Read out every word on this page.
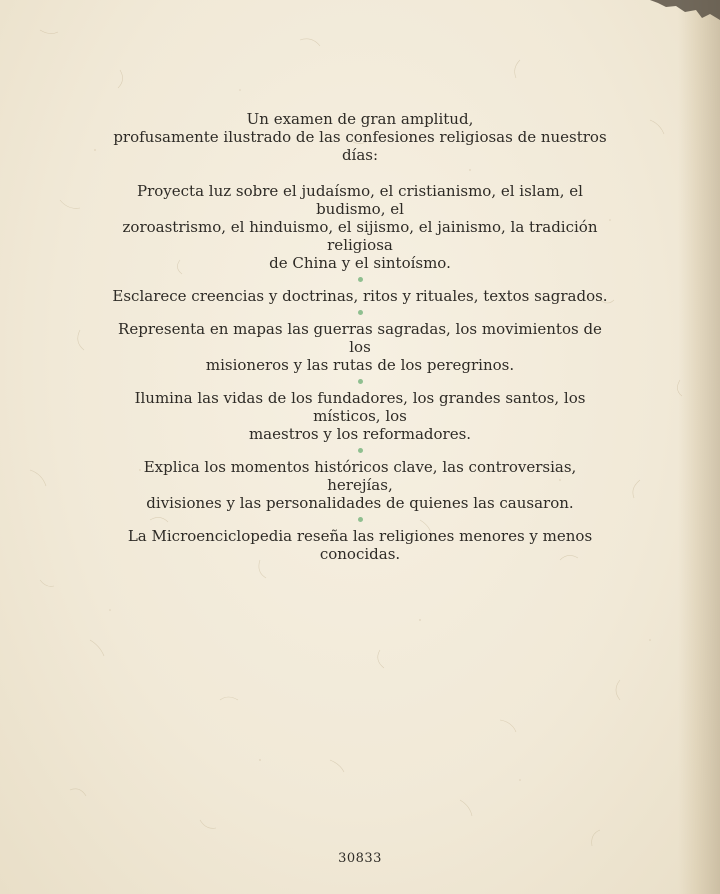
Un examen de gran amplitud,

profusamente ilustrado de las confesiones religiosas de nuestros días:

Proyecta luz sobre el judaísmo, el cristianismo, el islam, el budismo, el

zoroastrismo, el hinduismo, el sijismo, el jainismo, la tradición religiosa

de China y el sintoísmo.

Esclarece creencias y doctrinas, ritos y rituales, textos sagrados.

Representa en mapas las guerras sagradas, los movimientos de los

misioneros y las rutas de los peregrinos.

Ilumina las vidas de los fundadores, los grandes santos, los místicos, los

maestros y los reformadores.

Explica los momentos históricos clave, las controversias, herejías,

divisiones y las personalidades de quienes las causaron.

La Microenciclopedia reseña las religiones menores y menos conocidas.

30833
